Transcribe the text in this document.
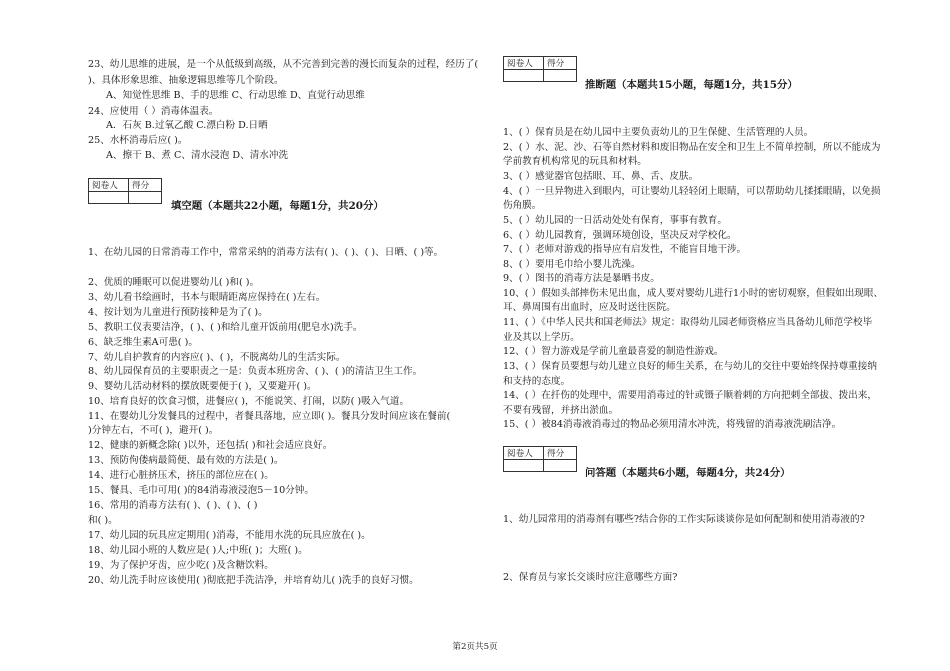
23、幼儿思维的进展，是一个从低级到高级，从不完善到完善的漫长而复杂的过程，经历了(
)、具体形象思维、抽象逻辑思维等几个阶段。
A、知觉性思维 B、手的思维 C、行动思维 D、直觉行动思维
24、应使用（ ）消毒体温表。
A．石灰 B.过氧乙酸 C.漂白粉 D.日晒
25、水杯消毒后应( )。
A、擦干 B、煮 C、清水浸泡 D、清水冲洗
阅卷人	得分

填空题（本题共22小题，每题1分，共20分）
1、在幼儿园的日常消毒工作中，常常采纳的消毒方法有( )、( )、( )、日晒、( )等。
2、优质的睡眠可以促进婴幼儿( )和( )。
3、幼儿看书绘画时，书本与眼睛距离应保持在( )左右。
4、按计划为儿童进行预防接种是为了( )。
5、教职工仪表要洁净，( )、( )和给儿童开饭前用(肥皂水)洗手。
6、缺乏维生素A可患( )。
7、幼儿自护教育的内容应( )、( )，不脱离幼儿的生活实际。
8、幼儿园保育员的主要职责之一是：负责本班房舍、( )、( )的清洁卫生工作。
9、婴幼儿活动材料的摆放既要便于( )，又要避开( )。
10、培育良好的饮食习惯，进餐应( )，不能说笑、打闹，以防( )吸入气道。
11、在婴幼儿分发餐具的过程中，者餐具落地，应立即( )。餐具分发时间应该在餐前(
)分钟左右，不可( )，避开( )。
12、健康的新概念除( )以外，还包括( )和社会适应良好。
13、预防佝偻病最简便、最有效的方法是( )。
14、进行心脏挤压术，挤压的部位应在( )。
15、餐具、毛巾可用( )的84消毒液浸泡5－10分钟。
16、常用的消毒方法有( )、( )、( )、( )
和( )。
17、幼儿园的玩具应定期用( )消毒，不能用水洗的玩具应放在( )。
18、幼儿园小班的人数应是( )人;中班( )；大班( )。
19、为了保护牙齿，应少吃( )及含糖饮料。
20、幼儿洗手时应该使用( )彻底把手洗洁净，并培育幼儿( )洗手的良好习惯。
阅卷人	得分

推断题（本题共15小题，每题1分，共15分）
1、( ）保育员是在幼儿园中主要负责幼儿的卫生保健、生活管理的人员。
2、( ）水、泥、沙、石等自然材料和废旧物品在安全和卫生上不简单控制，所以不能成为
学前教育机构常见的玩具和材料。
3、( ）感觉器官包括眼、耳、鼻、舌、皮肤。
4、( ）一旦异物进入到眼内，可让婴幼儿轻轻闭上眼睛，可以帮助幼儿揉揉眼睛，以免损
伤角膜。
5、( ）幼儿园的一日活动处处有保育，事事有教育。
6、( ）幼儿园教育，强调环境创设，坚决反对学校化。
7、( ）老师对游戏的指导应有启发性，不能盲目地干涉。
8、( ）要用毛巾给小婴儿洗澡。
9、( ）图书的消毒方法是暴晒书皮。
10、( ）假如头部摔伤未见出血，成人要对婴幼儿进行1小时的密切观察，但假如出现眼、
耳、鼻周围有出血时，应及时送往医院。
11、( ）《中华人民共和国老师法》规定：取得幼儿园老师资格应当具备幼儿师范学校毕
业及其以上学历。
12、( ）智力游戏是学前儿童最喜爱的制造性游戏。
13、( ）保育员要想与幼儿建立良好的师生关系，在与幼儿的交往中要始终保持尊重接纳
和支持的态度。
14、( ）在扦伤的处理中，需要用消毒过的针或镊子顺着刺的方向把刺全部拔、拨出来，
不要有残留，并挤出淤血。
15、( ）被84消毒液消毒过的物品必须用清水冲洗，将残留的消毒液洗刷洁净。
阅卷人	得分

问答题（本题共6小题，每题4分，共24分）
1、幼儿园常用的消毒剂有哪些?结合你的工作实际谈谈你是如何配制和使用消毒液的?
2、保育员与家长交谈时应注意哪些方面?
第2页共5页
